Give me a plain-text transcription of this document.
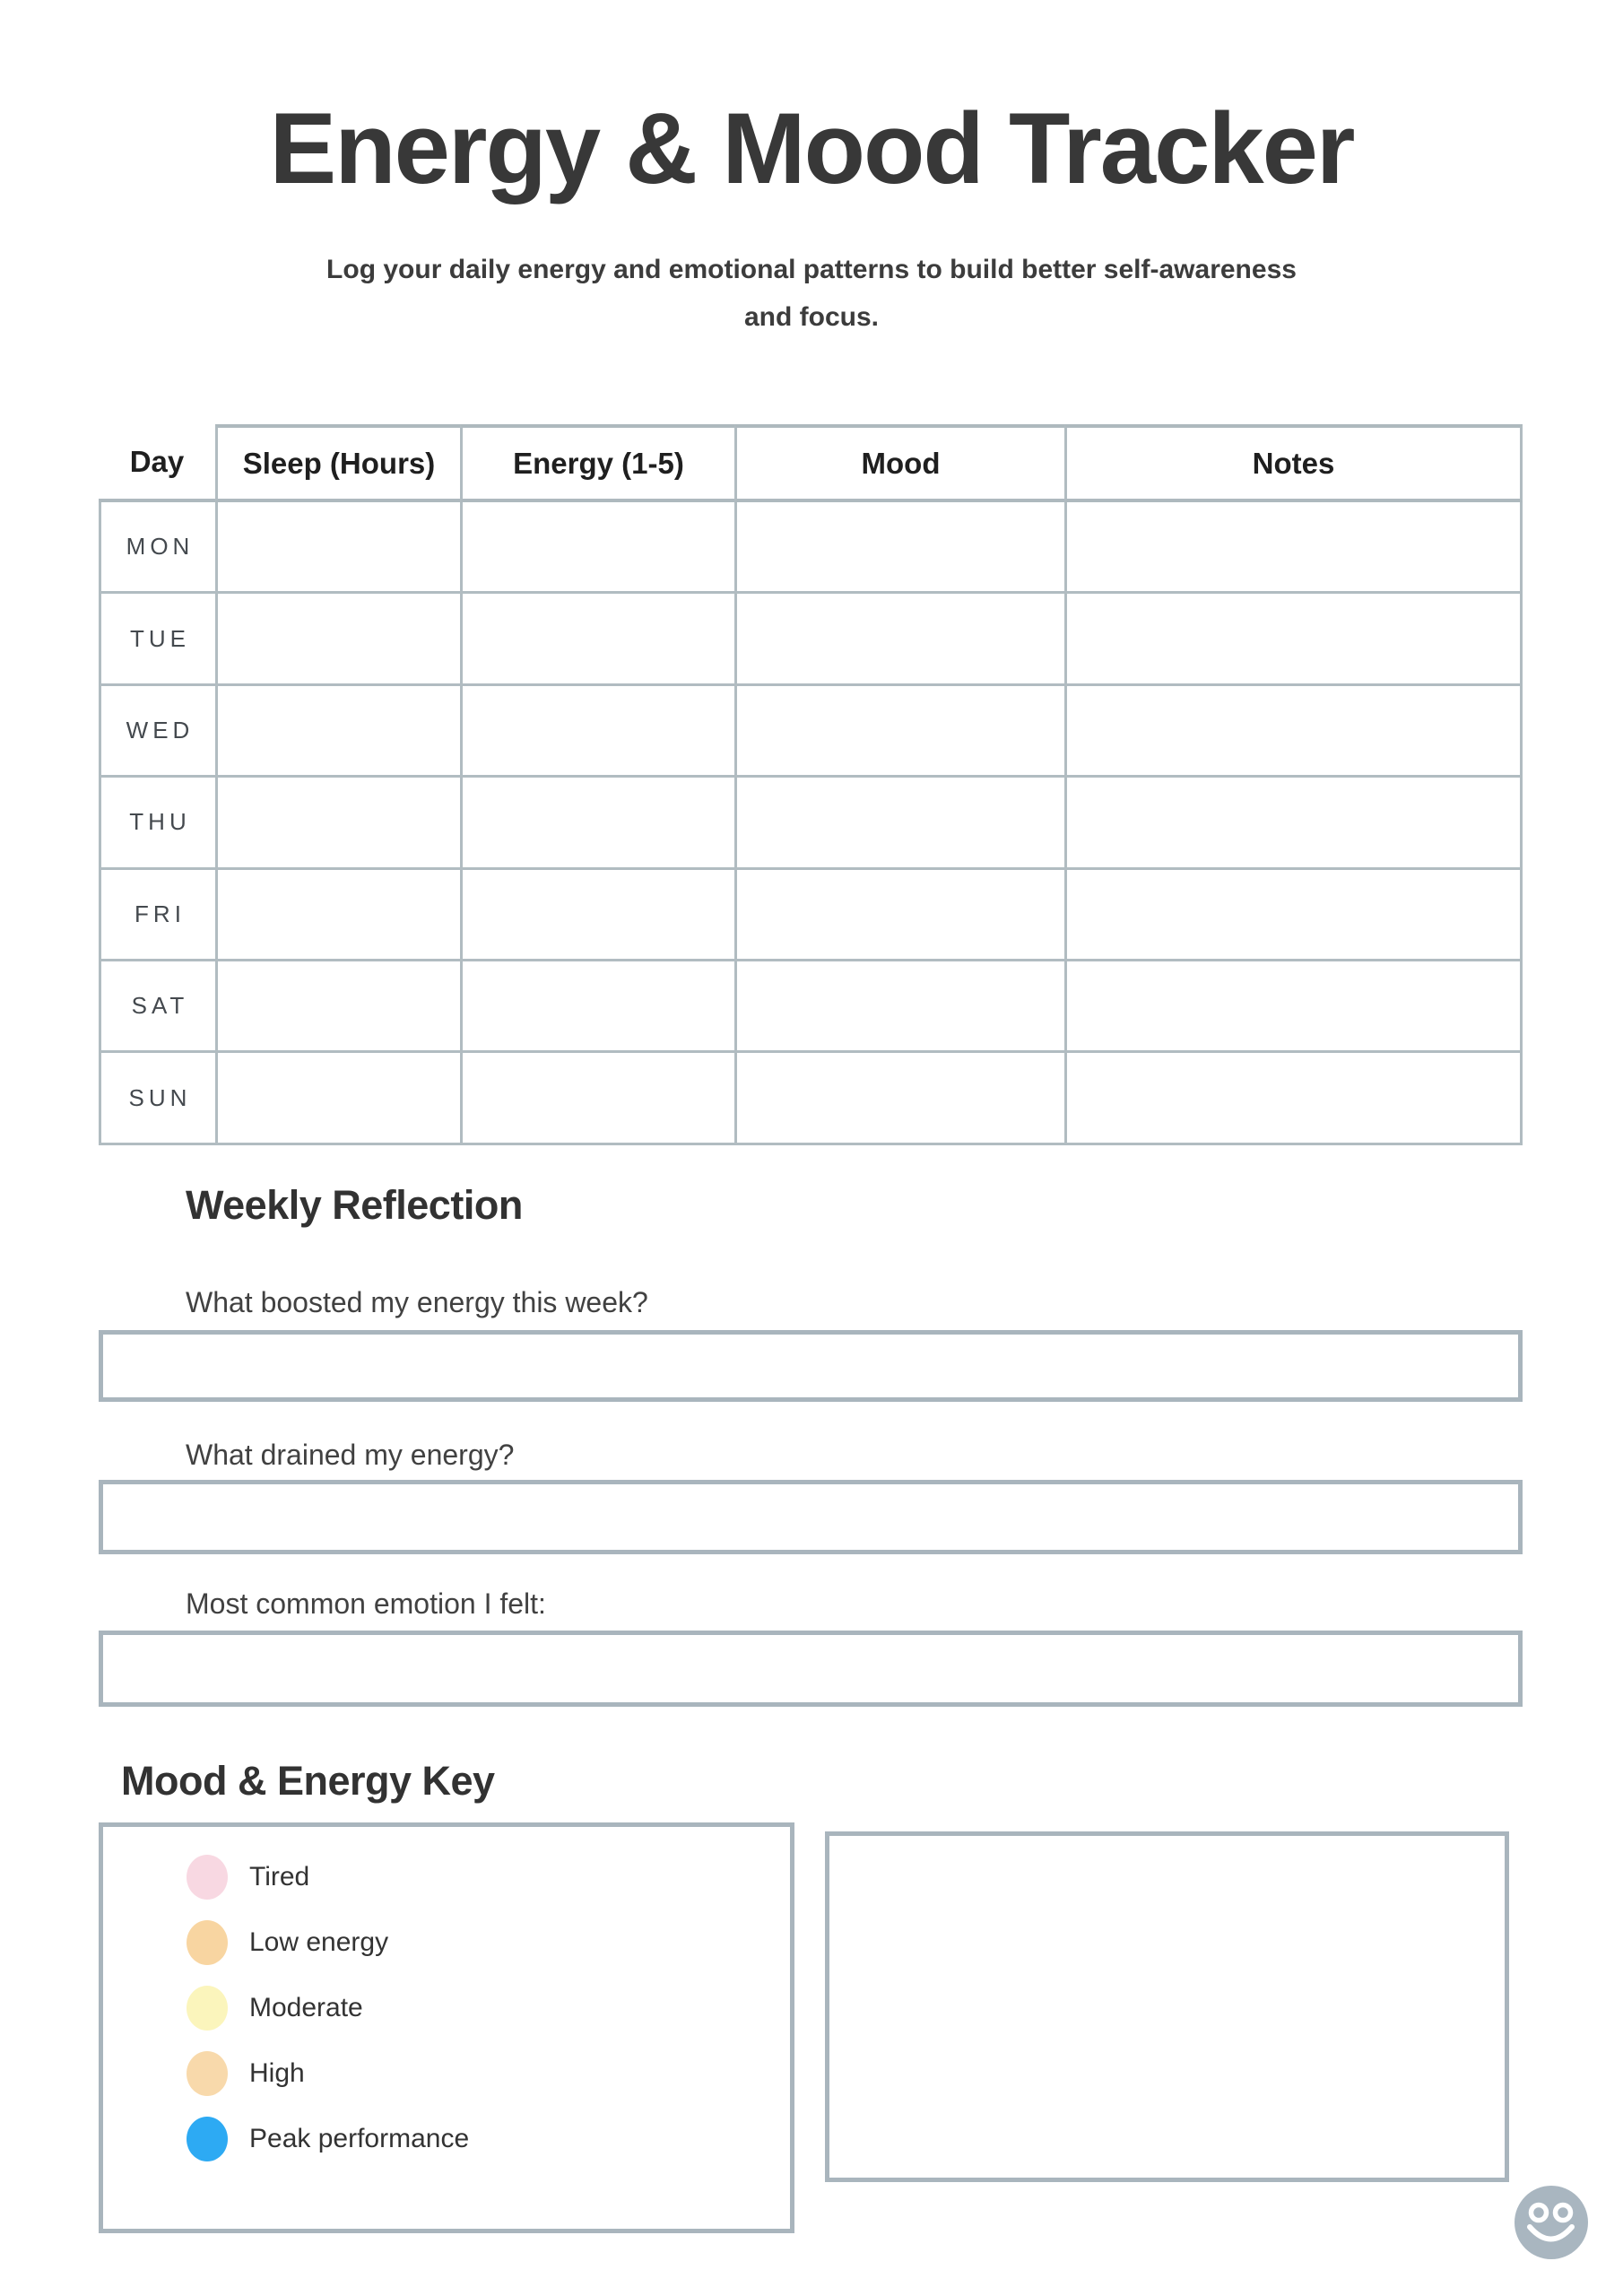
Energy & Mood Tracker
Log your daily energy and emotional patterns to build better self-awareness
and focus.
Day	Sleep (Hours)	Energy (1-5)	Mood	Notes
MON
TUE
WED
THU
FRI
SAT
SUN
Weekly Reflection
What boosted my energy this week?
What drained my energy?
Most common emotion I felt:
Mood & Energy Key
Tired
Low energy
Moderate
High
Peak performance
